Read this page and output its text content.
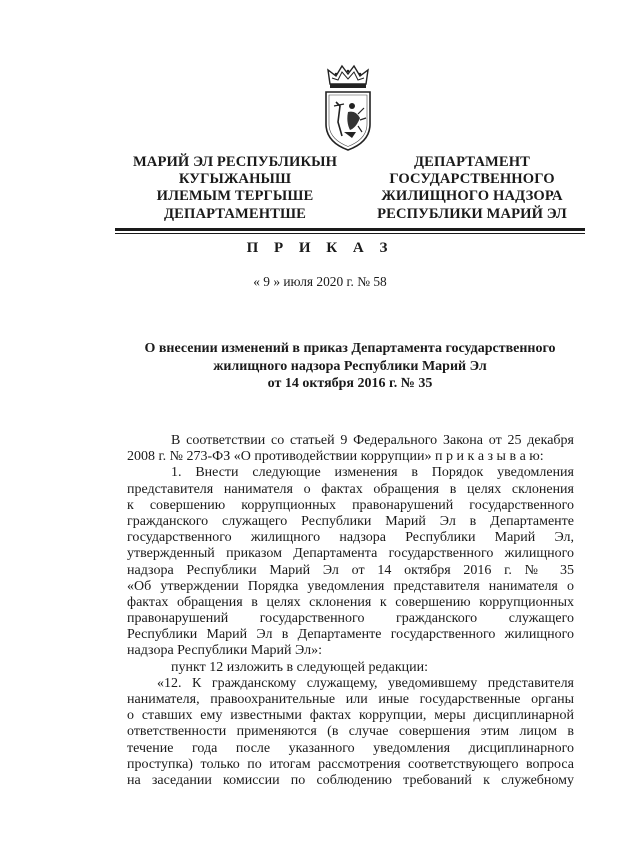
МАРИЙ ЭЛ РЕСПУБЛИКЫН
КУГЫЖАНЫШ
ИЛЕМЫМ ТЕРГЫШЕ
ДЕПАРТАМЕНТШЕ
ДЕПАРТАМЕНТ
ГОСУДАРСТВЕННОГО
ЖИЛИЩНОГО НАДЗОРА
РЕСПУБЛИКИ МАРИЙ ЭЛ
П Р И К А З
« 9 » июля 2020 г. № 58
О внесении изменений в приказ Департамента государственного
жилищного надзора Республики Марий Эл
от 14 октября 2016 г. № 35
В соответствии со статьей 9 Федерального Закона от 25 декабря
2008 г. № 273-ФЗ «О противодействии коррупции» п р и к а з ы в а ю:
1. Внести следующие изменения в Порядок уведомления
представителя нанимателя о фактах обращения в целях склонения
к совершению коррупционных правонарушений государственного
гражданского служащего Республики Марий Эл в Департаменте
государственного жилищного надзора Республики Марий Эл,
утвержденный приказом Департамента государственного жилищного
надзора Республики Марий Эл от 14 октября 2016 г. № 35
«Об утверждении Порядка уведомления представителя нанимателя о
фактах обращения в целях склонения к совершению коррупционных
правонарушений государственного гражданского служащего
Республики Марий Эл в Департаменте государственного жилищного
надзора Республики Марий Эл»:
пункт 12 изложить в следующей редакции:
«12. К гражданскому служащему, уведомившему представителя
нанимателя, правоохранительные или иные государственные органы
о ставших ему известными фактах коррупции, меры дисциплинарной
ответственности применяются (в случае совершения этим лицом в
течение года после указанного уведомления дисциплинарного
проступка) только по итогам рассмотрения соответствующего вопроса
на заседании комиссии по соблюдению требований к служебному
